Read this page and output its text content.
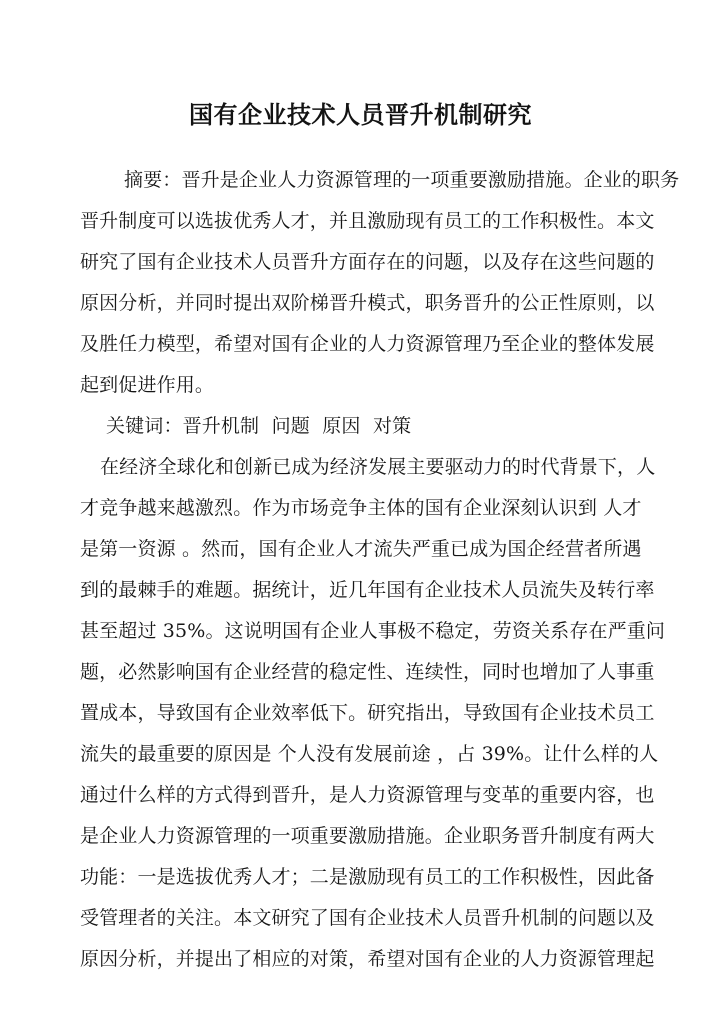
国有企业技术人员晋升机制研究
摘要：晋升是企业人力资源管理的一项重要激励措施。企业的职务
晋升制度可以选拔优秀人才，并且激励现有员工的工作积极性。本文
研究了国有企业技术人员晋升方面存在的问题，以及存在这些问题的
原因分析，并同时提出双阶梯晋升模式，职务晋升的公正性原则，以
及胜任力模型，希望对国有企业的人力资源管理乃至企业的整体发展
起到促进作用。
关键词：晋升机制  问题  原因  对策
在经济全球化和创新已成为经济发展主要驱动力的时代背景下，人
才竞争越来越激烈。作为市场竞争主体的国有企业深刻认识到 人才
是第一资源 。然而，国有企业人才流失严重已成为国企经营者所遇
到的最棘手的难题。据统计，近几年国有企业技术人员流失及转行率
甚至超过 35%。这说明国有企业人事极不稳定，劳资关系存在严重问
题，必然影响国有企业经营的稳定性、连续性，同时也增加了人事重
置成本，导致国有企业效率低下。研究指出，导致国有企业技术员工
流失的最重要的原因是 个人没有发展前途 ，占 39%。让什么样的人
通过什么样的方式得到晋升，是人力资源管理与变革的重要内容，也
是企业人力资源管理的一项重要激励措施。企业职务晋升制度有两大
功能：一是选拔优秀人才；二是激励现有员工的工作积极性，因此备
受管理者的关注。本文研究了国有企业技术人员晋升机制的问题以及
原因分析，并提出了相应的对策，希望对国有企业的人力资源管理起
